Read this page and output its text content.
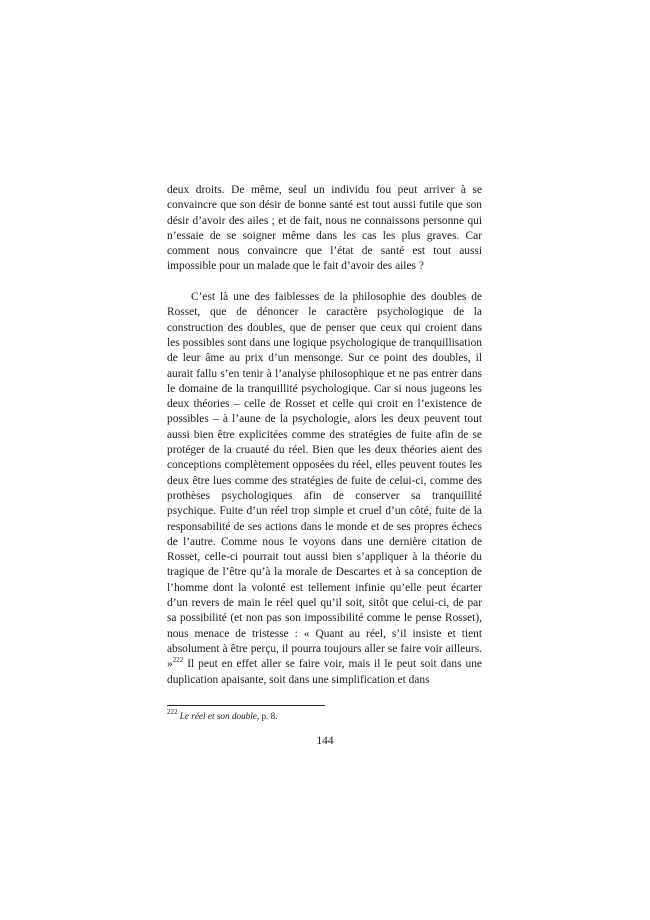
deux droits. De même, seul un individu fou peut arriver à se convaincre que son désir de bonne santé est tout aussi futile que son désir d’avoir des ailes ; et de fait, nous ne connaissons personne qui n’essaie de se soigner même dans les cas les plus graves. Car comment nous convaincre que l’état de santé est tout aussi impossible pour un malade que le fait d’avoir des ailes ?

C’est là une des faiblesses de la philosophie des doubles de Rosset, que de dénoncer le caractère psychologique de la construction des doubles, que de penser que ceux qui croient dans les possibles sont dans une logique psychologique de tranquillisation de leur âme au prix d’un mensonge. Sur ce point des doubles, il aurait fallu s’en tenir à l’analyse philosophique et ne pas entrer dans le domaine de la tranquillité psychologique. Car si nous jugeons les deux théories – celle de Rosset et celle qui croit en l’existence de possibles – à l’aune de la psychologie, alors les deux peuvent tout aussi bien être explicitées comme des stratégies de fuite afin de se protéger de la cruauté du réel. Bien que les deux théories aient des conceptions complètement opposées du réel, elles peuvent toutes les deux être lues comme des stratégies de fuite de celui-ci, comme des prothèses psychologiques afin de conserver sa tranquillité psychique. Fuite d’un réel trop simple et cruel d’un côté, fuite de la responsabilité de ses actions dans le monde et de ses propres échecs de l’autre. Comme nous le voyons dans une dernière citation de Rosset, celle-ci pourrait tout aussi bien s’appliquer à la théorie du tragique de l’être qu’à la morale de Descartes et à sa conception de l’homme dont la volonté est tellement infinie qu’elle peut écarter d’un revers de main le réel quel qu’il soit, sitôt que celui-ci, de par sa possibilité (et non pas son impossibilité comme le pense Rosset), nous menace de tristesse : « Quant au réel, s’il insiste et tient absolument à être perçu, il pourra toujours aller se faire voir ailleurs. »$^{222}$ Il peut en effet aller se faire voir, mais il le peut soit dans une duplication apaisante, soit dans une simplification et dans

$^{222}$ Le réel et son double, p. 8.
144
